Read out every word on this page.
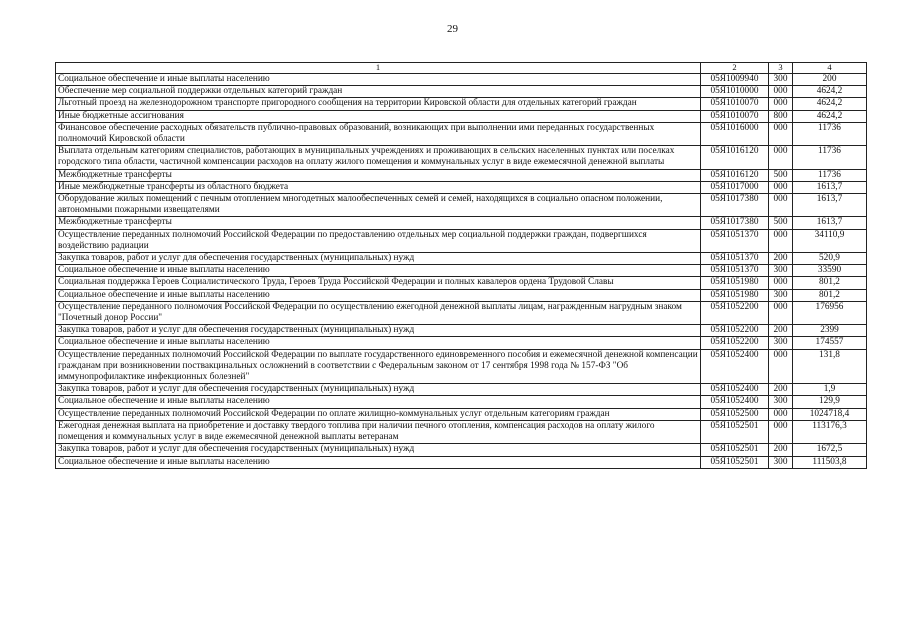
29
1	2	3	4
Социальное обеспечение и иные выплаты населению	05Я1009940	300	200
Обеспечение мер социальной поддержки отдельных категорий граждан	05Я1010000	000	4624,2
Льготный проезд на железнодорожном транспорте пригородного сообщения на территории Кировской области для отдельных категорий граждан	05Я1010070	000	4624,2
Иные бюджетные ассигнования	05Я1010070	800	4624,2
Финансовое обеспечение расходных обязательств публично-правовых образований, возникающих при выполнении ими переданных государственных полномочий Кировской области	05Я1016000	000	11736
Выплата отдельным категориям специалистов, работающих в муниципальных учреждениях и проживающих в сельских населенных пунктах или поселках городского типа области, частичной компенсации расходов на оплату жилого помещения и коммунальных услуг в виде ежемесячной денежной выплаты	05Я1016120	000	11736
Межбюджетные трансферты	05Я1016120	500	11736
Иные межбюджетные трансферты из областного бюджета	05Я1017000	000	1613,7
Оборудование жилых помещений с печным отоплением многодетных малообеспеченных семей и семей, находящихся в социально опасном положении, автономными пожарными извещателями	05Я1017380	000	1613,7
Межбюджетные трансферты	05Я1017380	500	1613,7
Осуществление переданных полномочий Российской Федерации по предоставлению отдельных мер социальной поддержки граждан, подвергшихся воздействию радиации	05Я1051370	000	34110,9
Закупка товаров, работ и услуг для обеспечения государственных (муниципальных) нужд	05Я1051370	200	520,9
Социальное обеспечение и иные выплаты населению	05Я1051370	300	33590
Социальная поддержка Героев Социалистического Труда, Героев Труда Российской Федерации и полных кавалеров ордена Трудовой Славы	05Я1051980	000	801,2
Социальное обеспечение и иные выплаты населению	05Я1051980	300	801,2
Осуществление переданного полномочия Российской Федерации по осуществлению ежегодной денежной выплаты лицам, награжденным нагрудным знаком "Почетный донор России"	05Я1052200	000	176956
Закупка товаров, работ и услуг для обеспечения государственных (муниципальных) нужд	05Я1052200	200	2399
Социальное обеспечение и иные выплаты населению	05Я1052200	300	174557
Осуществление переданных полномочий Российской Федерации по выплате государственного единовременного пособия и ежемесячной денежной компенсации гражданам при возникновении поствакцинальных осложнений в соответствии с Федеральным законом от 17 сентября 1998 года № 157-ФЗ "Об иммунопрофилактике инфекционных болезней"	05Я1052400	000	131,8
Закупка товаров, работ и услуг для обеспечения государственных (муниципальных) нужд	05Я1052400	200	1,9
Социальное обеспечение и иные выплаты населению	05Я1052400	300	129,9
Осуществление переданных полномочий Российской Федерации по оплате жилищно-коммунальных услуг отдельным категориям граждан	05Я1052500	000	1024718,4
Ежегодная денежная выплата на приобретение и доставку твердого топлива при наличии печного отопления, компенсация расходов на оплату жилого помещения и коммунальных услуг в виде ежемесячной денежной выплаты ветеранам	05Я1052501	000	113176,3
Закупка товаров, работ и услуг для обеспечения государственных (муниципальных) нужд	05Я1052501	200	1672,5
Социальное обеспечение и иные выплаты населению	05Я1052501	300	111503,8
